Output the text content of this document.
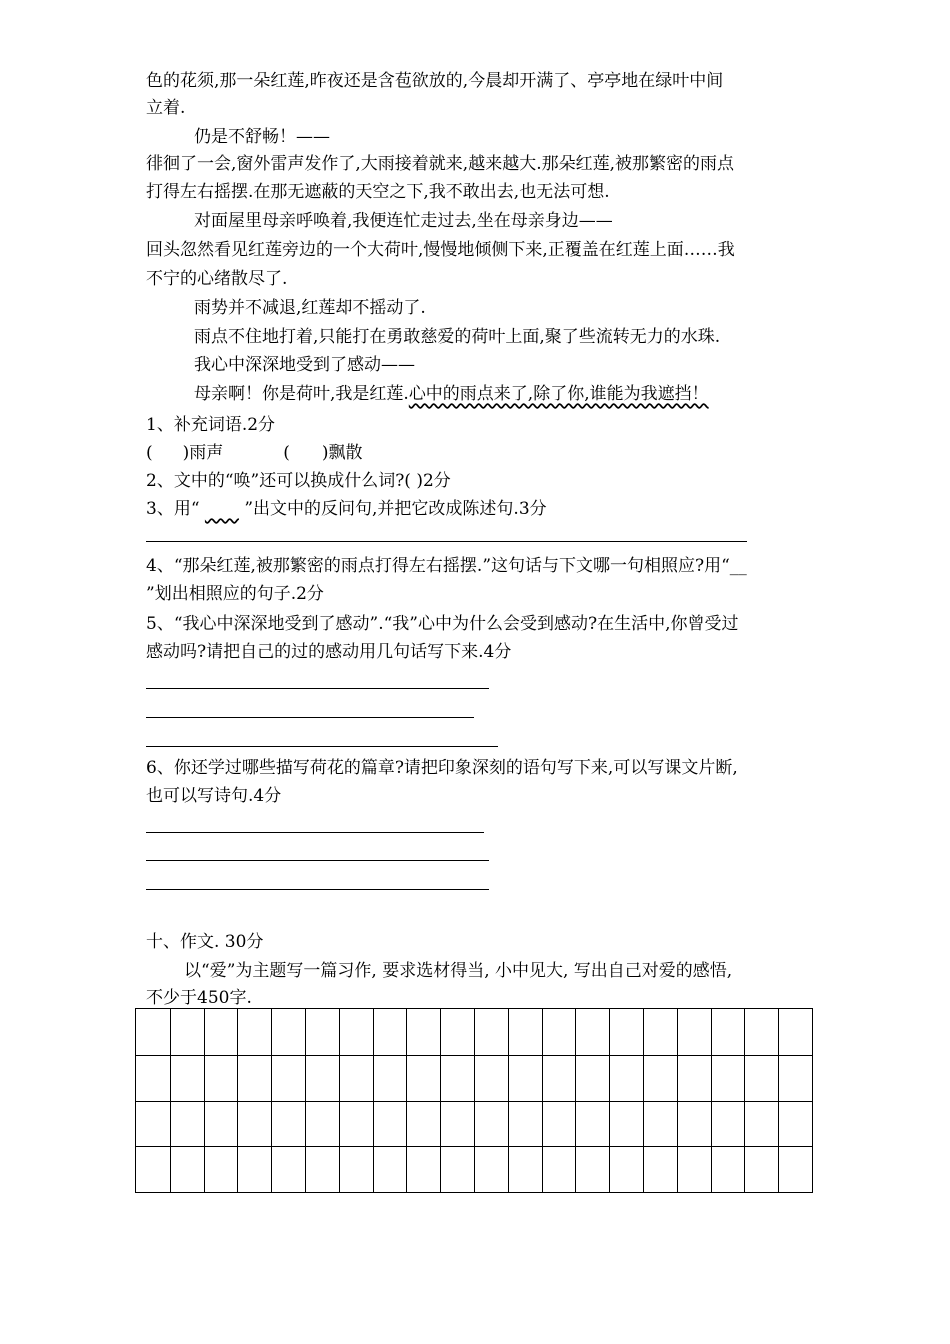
色的花须,那一朵红莲,昨夜还是含苞欲放的,今晨却开满了、亭亭地在绿叶中间
立着.
仍是不舒畅！——
徘徊了一会,窗外雷声发作了,大雨接着就来,越来越大.那朵红莲,被那繁密的雨点
打得左右摇摆.在那无遮蔽的天空之下,我不敢出去,也无法可想.
对面屋里母亲呼唤着,我便连忙走过去,坐在母亲身边——
回头忽然看见红莲旁边的一个大荷叶,慢慢地倾侧下来,正覆盖在红莲上面……我
不宁的心绪散尽了.
雨势并不减退,红莲却不摇动了.
雨点不住地打着,只能打在勇敢慈爱的荷叶上面,聚了些流转无力的水珠.
我心中深深地受到了感动——
母亲啊！你是荷叶,我是红莲.心中的雨点来了,除了你,谁能为我遮挡！
1、补充词语.2分
( )雨声	( )飘散
2、文中的“唤”还可以换成什么词?( )2分
3、用“ ____ ”出文中的反问句,并把它改成陈述句.3分
4、“那朵红莲,被那繁密的雨点打得左右摇摆.”这句话与下文哪一句相照应?用“__
”划出相照应的句子.2分
5、“我心中深深地受到了感动”.“我”心中为什么会受到感动?在生活中,你曾受过
感动吗?请把自己的过的感动用几句话写下来.4分
6、你还学过哪些描写荷花的篇章?请把印象深刻的语句写下来,可以写课文片断,
也可以写诗句.4分
十、作文. 30分
以“爱”为主题写一篇习作, 要求选材得当, 小中见大, 写出自己对爱的感悟,
不少于450字.
